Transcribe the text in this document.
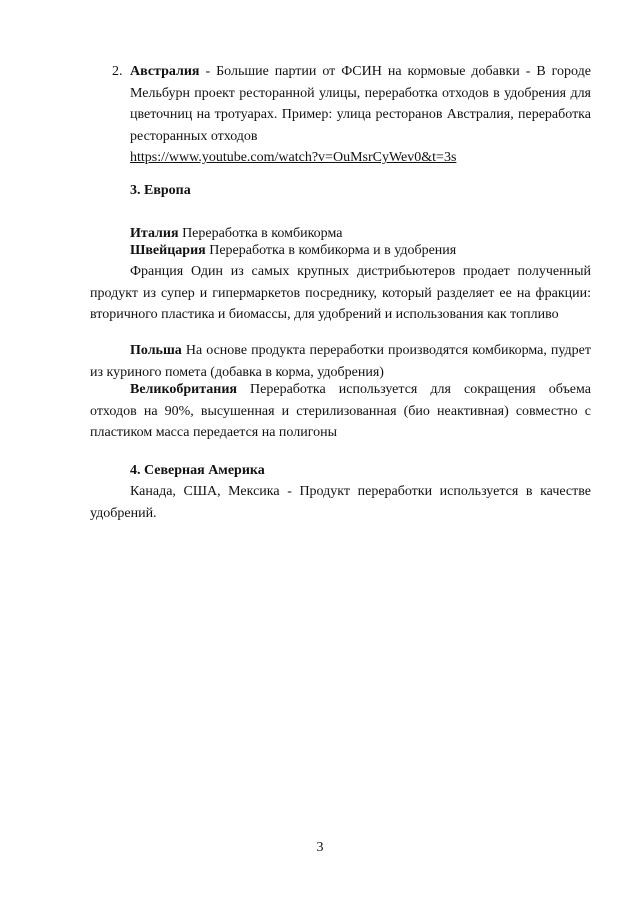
2. Австралия - Большие партии от ФСИН на кормовые добавки - В городе Мельбурн проект ресторанной улицы, переработка отходов в удобрения для цветочниц на тротуарах. Пример: улица ресторанов Австралия, переработка ресторанных отходов
https://www.youtube.com/watch?v=OuMsrCyWev0&t=3s
3. Европа
Италия Переработка в комбикорма
Швейцария Переработка в комбикорма и в удобрения
Франция Один из самых крупных дистрибьютеров продает полученный продукт из супер и гипермаркетов посреднику, который разделяет ее на фракции: вторичного пластика и биомассы, для удобрений и использования как топливо
Польша На основе продукта переработки производятся комбикорма, пудрет из куриного помета (добавка в корма, удобрения)
Великобритания Переработка используется для сокращения объема отходов на 90%, высушенная и стерилизованная (био неактивная) совместно с пластиком масса передается на полигоны
4. Северная Америка
Канада, США, Мексика - Продукт переработки используется в качестве удобрений.
3
